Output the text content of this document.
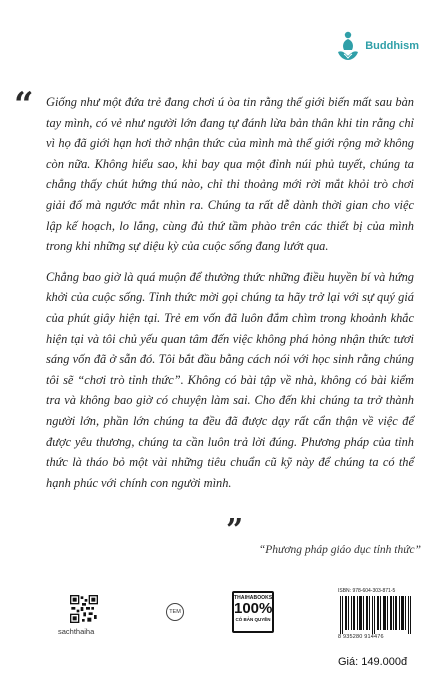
Buddhism
“ Giống như một đứa trẻ đang chơi ú òa tin rằng thế giới biến mất sau bàn tay mình, có vẻ như người lớn đang tự đánh lừa bản thân khi tin rằng chỉ vì họ đã giới hạn hơi thở nhận thức của mình mà thế giới rộng mở không còn nữa. Không hiểu sao, khi bay qua một đỉnh núi phủ tuyết, chúng ta chẳng thấy chút hứng thú nào, chỉ thi thoảng mới rời mắt khỏi trò chơi giải đố mà ngước mắt nhìn ra. Chúng ta rất dễ dành thời gian cho việc lập kế hoạch, lo lắng, cùng đủ thứ tầm phào trên các thiết bị của mình trong khi những sự diệu kỳ của cuộc sống đang lướt qua.

Chẳng bao giờ là quá muộn để thưởng thức những điều huyền bí và hứng khởi của cuộc sống. Tỉnh thức mời gọi chúng ta hãy trở lại với sự quý giá của phút giây hiện tại. Trẻ em vốn đã luôn đắm chìm trong khoảnh khắc hiện tại và tôi chủ yếu quan tâm đến việc không phá hỏng nhận thức tươi sáng vốn đã ở sẵn đó. Tôi bắt đầu bằng cách nói với học sinh rằng chúng tôi sẽ “chơi trò tỉnh thức”. Không có bài tập về nhà, không có bài kiểm tra và không bao giờ có chuyện làm sai. Cho đến khi chúng ta trở thành người lớn, phần lớn chúng ta đều đã được dạy rất cẩn thận về việc để được yêu thương, chúng ta cần luôn trả lời đúng. Phương pháp của tỉnh thức là tháo bỏ một vài những tiêu chuẩn cũ kỹ này để chúng ta có thể hạnh phúc với chính con người mình.

”
“Phương pháp giáo dục tỉnh thức”
sachthaiha
TEM
THAIHABOOKS
100%
CÓ BẢN QUYỀN
ISBN: 978-604-303-871-5
8 935280 914476
Giá: 149.000đ
